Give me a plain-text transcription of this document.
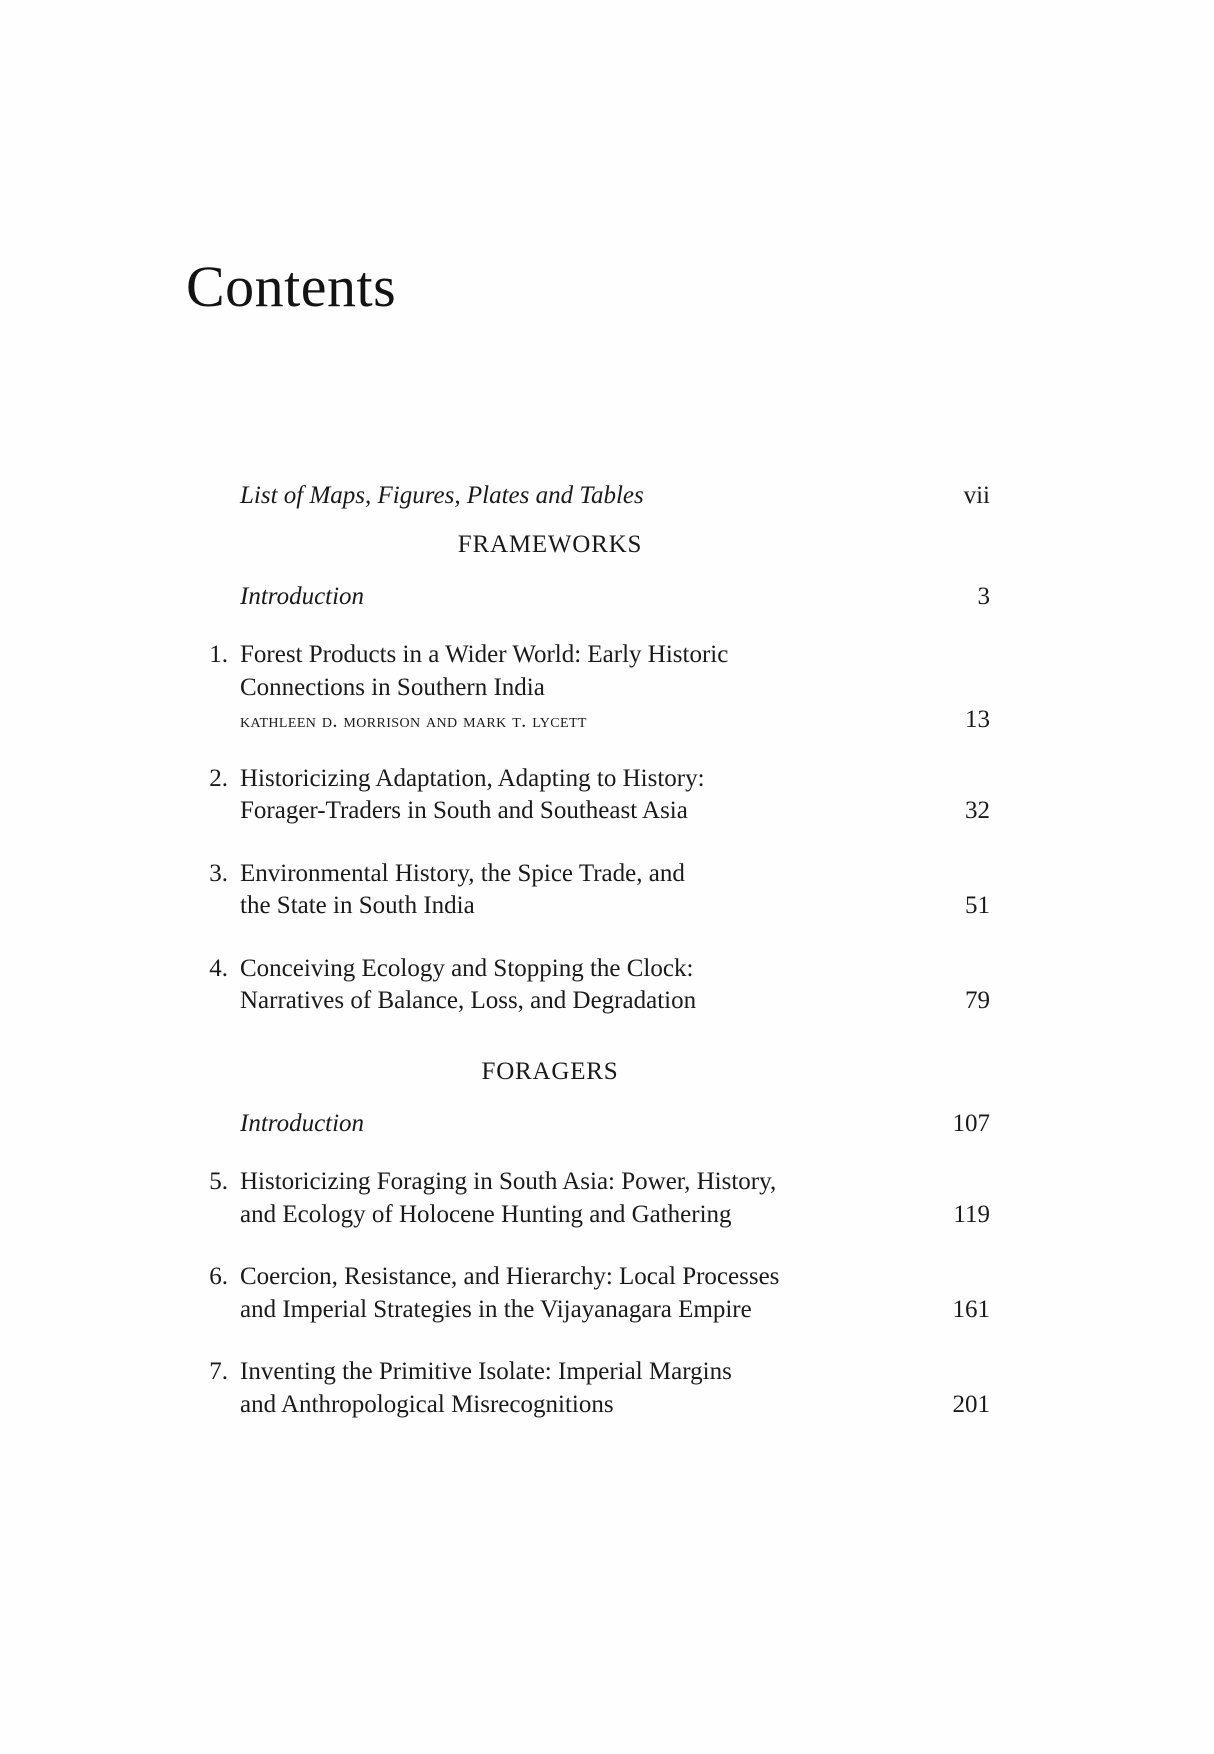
Contents

List of Maps, Figures, Plates and Tables	vii
FRAMEWORKS

Introduction	3
1. Forest Products in a Wider World: Early Historic

Connections in Southern India

kathleen d. morrison and mark t. lycett	13
2. Historicizing Adaptation, Adapting to History:

Forager-Traders in South and Southeast Asia	32
3. Environmental History, the Spice Trade, and

the State in South India	51
4. Conceiving Ecology and Stopping the Clock:

Narratives of Balance, Loss, and Degradation	79
FORAGERS

Introduction	107
5. Historicizing Foraging in South Asia: Power, History,

and Ecology of Holocene Hunting and Gathering	119
6. Coercion, Resistance, and Hierarchy: Local Processes

and Imperial Strategies in the Vijayanagara Empire	161
7. Inventing the Primitive Isolate: Imperial Margins

and Anthropological Misrecognitions	201
